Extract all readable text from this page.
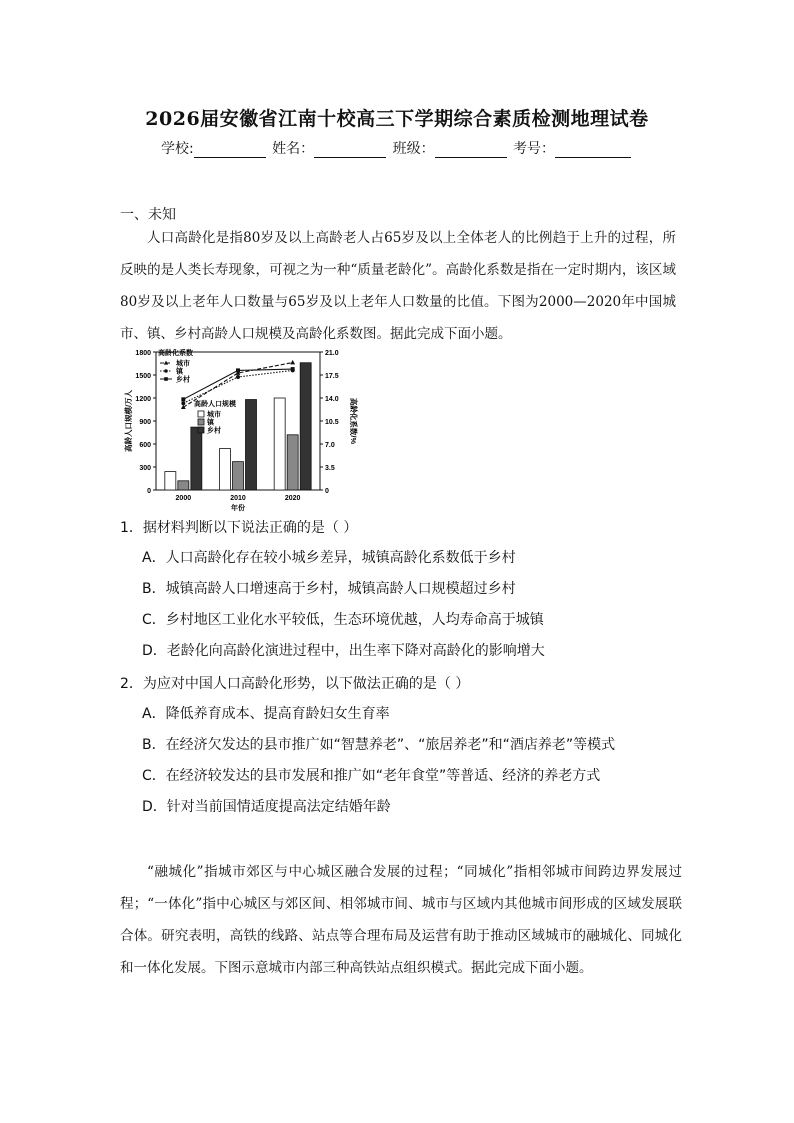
2026届安徽省江南十校高三下学期综合素质检测地理试卷
学校:	姓名：	班级：	考号：
一、未知

人口高龄化是指80岁及以上高龄老人占65岁及以上全体老人的比例趋于上升的过程，所反映的是人类长寿现象，可视之为一种“质量老龄化”。高龄化系数是指在一定时期内，该区域80岁及以上老年人口数量与65岁及以上老年人口数量的比值。下图为2000—2020年中国城市、镇、乡村高龄人口规模及高龄化系数图。据此完成下面小题。

0
300
600
900
1200
1500
1800
0
3.5
7.0
10.5
14.0
17.5
21.0
高龄人口规模/万人	高龄化系数/%
2000	2010	2020
年份
高龄化系数
城市
镇
乡村
高龄人口规模
城市
镇
乡村
1．据材料判断以下说法正确的是（ ）
A．人口高龄化存在较小城乡差异，城镇高龄化系数低于乡村
B．城镇高龄人口增速高于乡村，城镇高龄人口规模超过乡村
C．乡村地区工业化水平较低，生态环境优越，人均寿命高于城镇
D．老龄化向高龄化演进过程中，出生率下降对高龄化的影响增大
2．为应对中国人口高龄化形势，以下做法正确的是（ ）
A．降低养育成本、提高育龄妇女生育率
B．在经济欠发达的县市推广如“智慧养老”、“旅居养老”和“酒店养老”等模式
C．在经济较发达的县市发展和推广如“老年食堂”等普适、经济的养老方式
D．针对当前国情适度提高法定结婚年龄

“融城化”指城市郊区与中心城区融合发展的过程；“同城化”指相邻城市间跨边界发展过程；“一体化”指中心城区与郊区间、相邻城市间、城市与区域内其他城市间形成的区域发展联合体。研究表明，高铁的线路、站点等合理布局及运营有助于推动区域城市的融城化、同城化和一体化发展。下图示意城市内部三种高铁站点组织模式。据此完成下面小题。
